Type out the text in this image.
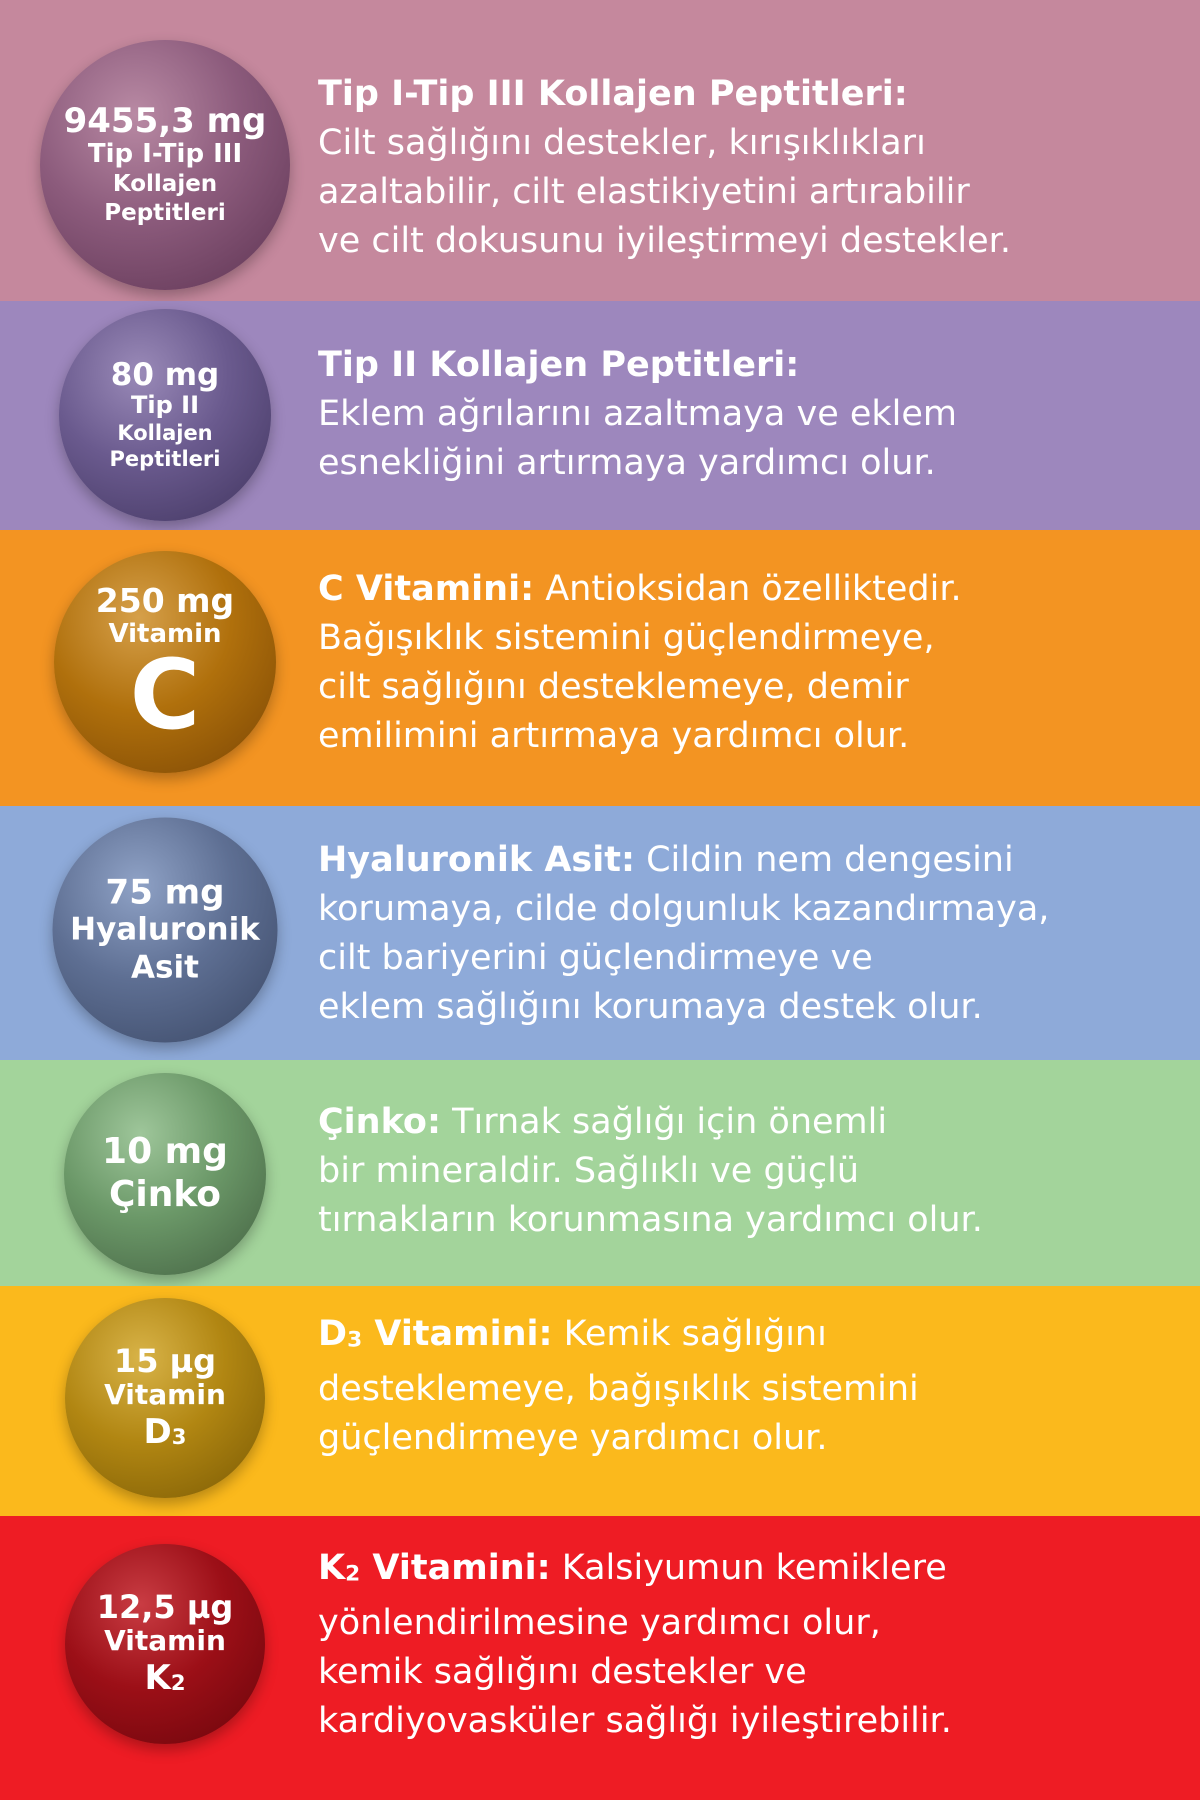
9455,3 mg
Tip I-Tip III
Kollajen
Peptitleri
Tip I-Tip III Kollajen Peptitleri:
Cilt sağlığını destekler, kırışıklıkları
azaltabilir, cilt elastikiyetini artırabilir
ve cilt dokusunu iyileştirmeyi destekler.
80 mg
Tip II
Kollajen
Peptitleri
Tip II Kollajen Peptitleri:
Eklem ağrılarını azaltmaya ve eklem
esnekliğini artırmaya yardımcı olur.
250 mg
Vitamin
C
C Vitamini: Antioksidan özelliktedir.
Bağışıklık sistemini güçlendirmeye,
cilt sağlığını desteklemeye, demir
emilimini artırmaya yardımcı olur.
75 mg
Hyaluronik
Asit
Hyaluronik Asit: Cildin nem dengesini
korumaya, cilde dolgunluk kazandırmaya,
cilt bariyerini güçlendirmeye ve
eklem sağlığını korumaya destek olur.
10 mg
Çinko
Çinko: Tırnak sağlığı için önemli
bir mineraldir. Sağlıklı ve güçlü
tırnakların korunmasına yardımcı olur.
15 µg
Vitamin
$D_3$
$D_3$ Vitamini: Kemik sağlığını
desteklemeye, bağışıklık sistemini
güçlendirmeye yardımcı olur.
12,5 µg
Vitamin
$K_2$
$K_2$ Vitamini: Kalsiyumun kemiklere
yönlendirilmesine yardımcı olur,
kemik sağlığını destekler ve
kardiyovasküler sağlığı iyileştirebilir.
